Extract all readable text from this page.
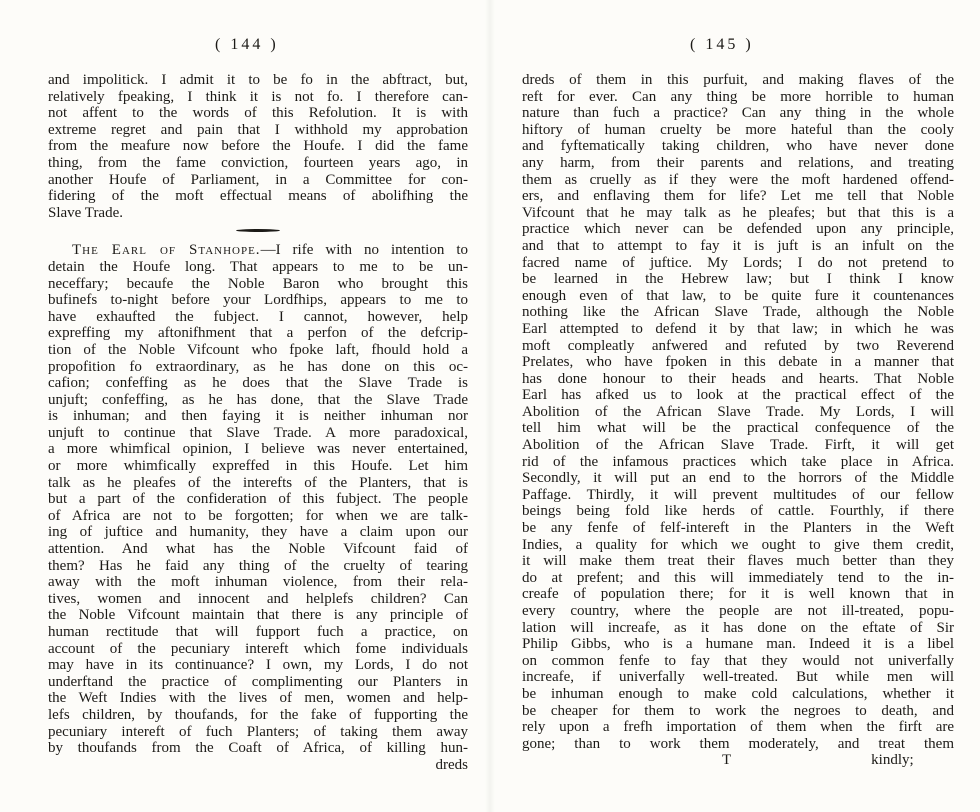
( 144 )
and impolitick. I admit it to be fo in the abftract, but,
relatively fpeaking, I think it is not fo. I therefore can-
not affent to the words of this Refolution. It is with
extreme regret and pain that I withhold my approbation
from the meafure now before the Houfe. I did the fame
thing, from the fame conviction, fourteen years ago, in
another Houfe of Parliament, in a Committee for con-
fidering of the moft effectual means of abolifhing the
Slave Trade.
The Earl of Stanhope.—I rife with no intention to
detain the Houfe long. That appears to me to be un-
neceffary; becaufe the Noble Baron who brought this
bufinefs to-night before your Lordfhips, appears to me to
have exhaufted the fubject. I cannot, however, help
expreffing my aftonifhment that a perfon of the defcrip-
tion of the Noble Vifcount who fpoke laft, fhould hold a
propofition fo extraordinary, as he has done on this oc-
cafion; confeffing as he does that the Slave Trade is
unjuft; confeffing, as he has done, that the Slave Trade
is inhuman; and then faying it is neither inhuman nor
unjuft to continue that Slave Trade. A more paradoxical,
a more whimfical opinion, I believe was never entertained,
or more whimfically expreffed in this Houfe. Let him
talk as he pleafes of the interefts of the Planters, that is
but a part of the confideration of this fubject. The people
of Africa are not to be forgotten; for when we are talk-
ing of juftice and humanity, they have a claim upon our
attention. And what has the Noble Vifcount faid of
them? Has he faid any thing of the cruelty of tearing
away with the moft inhuman violence, from their rela-
tives, women and innocent and helplefs children? Can
the Noble Vifcount maintain that there is any principle of
human rectitude that will fupport fuch a practice, on
account of the pecuniary intereft which fome individuals
may have in its continuance? I own, my Lords, I do not
underftand the practice of complimenting our Planters in
the Weft Indies with the lives of men, women and help-
lefs children, by thoufands, for the fake of fupporting the
pecuniary intereft of fuch Planters; of taking them away
by thoufands from the Coaft of Africa, of killing hun-
dreds
( 145 )
dreds of them in this purfuit, and making flaves of the
reft for ever. Can any thing be more horrible to human
nature than fuch a practice? Can any thing in the whole
hiftory of human cruelty be more hateful than the cooly
and fyftematically taking children, who have never done
any harm, from their parents and relations, and treating
them as cruelly as if they were the moft hardened offend-
ers, and enflaving them for life? Let me tell that Noble
Vifcount that he may talk as he pleafes; but that this is a
practice which never can be defended upon any principle,
and that to attempt to fay it is juft is an infult on the
facred name of juftice. My Lords; I do not pretend to
be learned in the Hebrew law; but I think I know
enough even of that law, to be quite fure it countenances
nothing like the African Slave Trade, although the Noble
Earl attempted to defend it by that law; in which he was
moft compleatly anfwered and refuted by two Reverend
Prelates, who have fpoken in this debate in a manner that
has done honour to their heads and hearts. That Noble
Earl has afked us to look at the practical effect of the
Abolition of the African Slave Trade. My Lords, I will
tell him what will be the practical confequence of the
Abolition of the African Slave Trade. Firft, it will get
rid of the infamous practices which take place in Africa.
Secondly, it will put an end to the horrors of the Middle
Paffage. Thirdly, it will prevent multitudes of our fellow
beings being fold like herds of cattle. Fourthly, if there
be any fenfe of felf-intereft in the Planters in the Weft
Indies, a quality for which we ought to give them credit,
it will make them treat their flaves much better than they
do at prefent; and this will immediately tend to the in-
creafe of population there; for it is well known that in
every country, where the people are not ill-treated, popu-
lation will increafe, as it has done on the eftate of Sir
Philip Gibbs, who is a humane man. Indeed it is a libel
on common fenfe to fay that they would not univerfally
increafe, if univerfally well-treated. But while men will
be inhuman enough to make cold calculations, whether it
be cheaper for them to work the negroes to death, and
rely upon a frefh importation of them when the firft are
gone; than to work them moderately, and treat them
T	kindly;
